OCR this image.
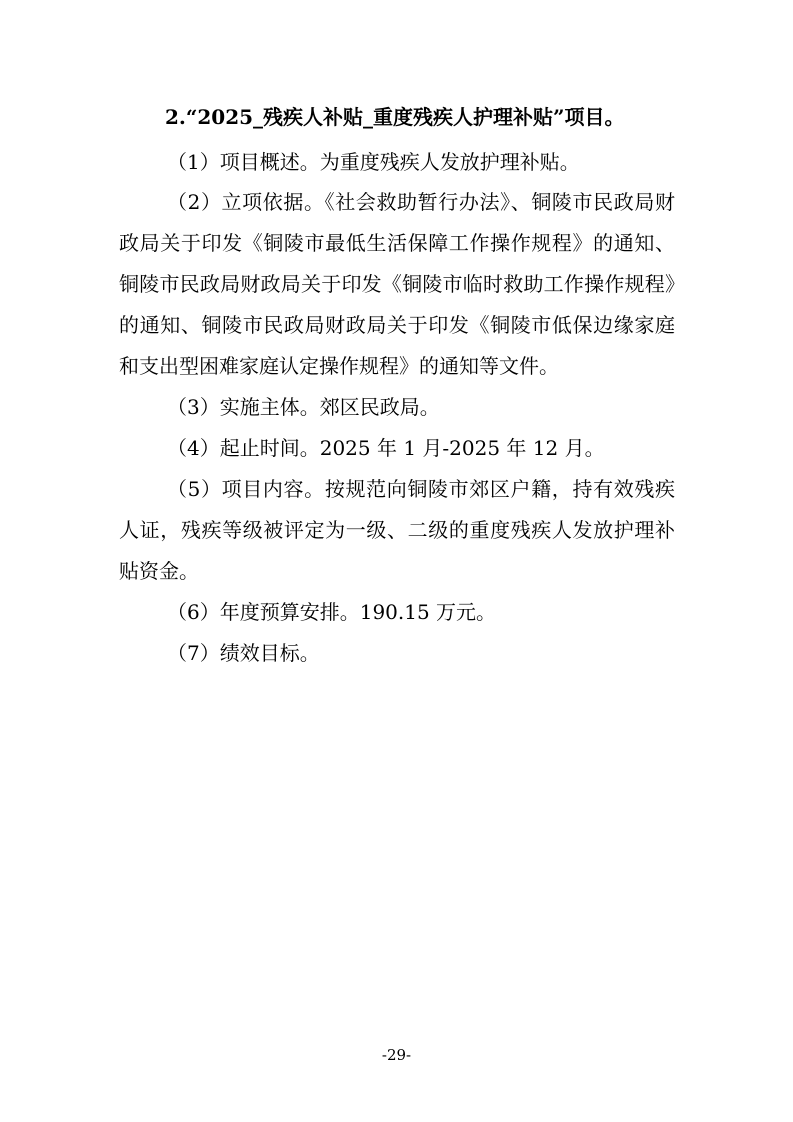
2.“2025_残疾人补贴_重度残疾人护理补贴”项目。

（1）项目概述。为重度残疾人发放护理补贴。

（2）立项依据。《社会救助暂行办法》、铜陵市民政局财政局关于印发《铜陵市最低生活保障工作操作规程》的通知、铜陵市民政局财政局关于印发《铜陵市临时救助工作操作规程》的通知、铜陵市民政局财政局关于印发《铜陵市低保边缘家庭和支出型困难家庭认定操作规程》的通知等文件。

（3）实施主体。郊区民政局。

（4）起止时间。2025 年 1 月-2025 年 12 月。

（5）项目内容。按规范向铜陵市郊区户籍，持有效残疾人证，残疾等级被评定为一级、二级的重度残疾人发放护理补贴资金。

（6）年度预算安排。190.15 万元。

（7）绩效目标。

-29-
